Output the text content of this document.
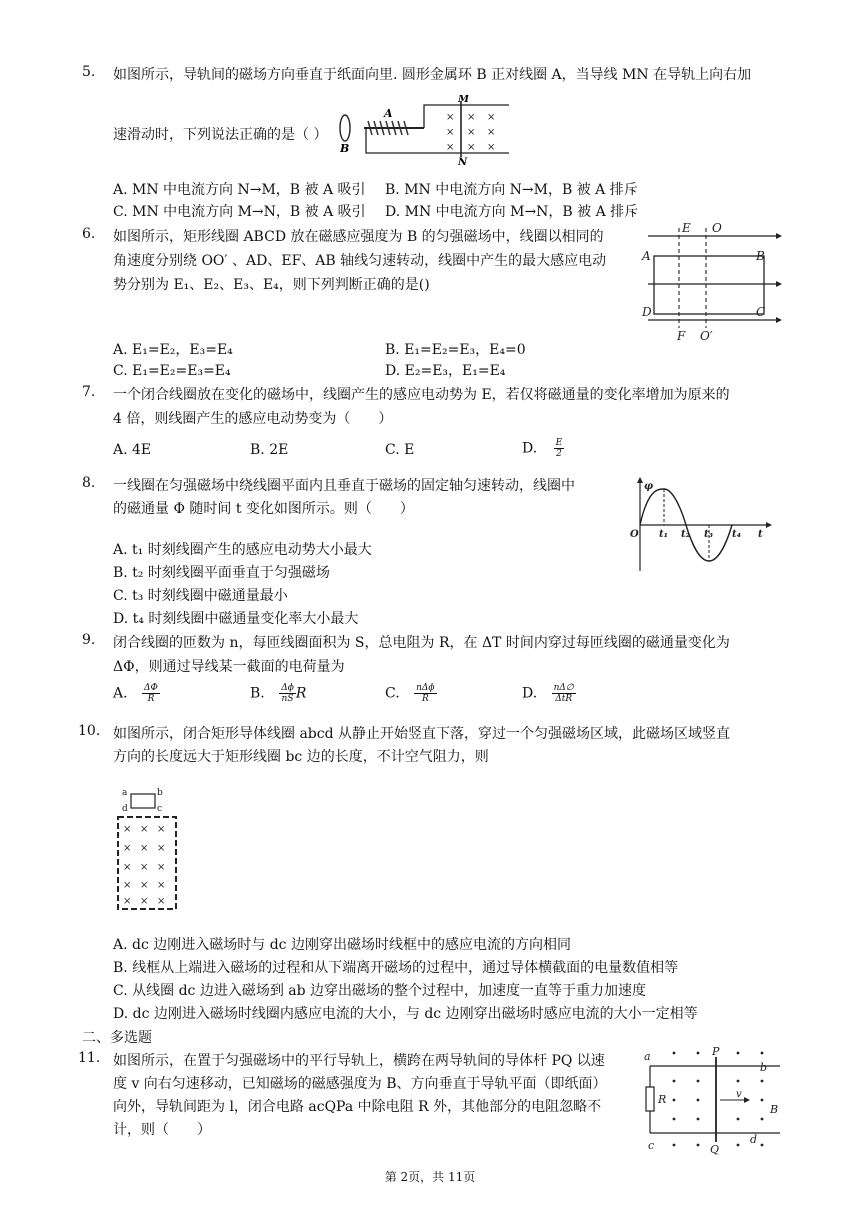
5. 如图所示，导轨间的磁场方向垂直于纸面向里. 圆形金属环 B 正对线圈 A，当导线 MN 在导轨上向右加
速滑动时，下列说法正确的是（ ）
×
×
×
×
×
×
×
×
×
A
B
M
N
A. MN 中电流方向 N→M，B 被 A 吸引 B. MN 中电流方向 N→M，B 被 A 排斥
C. MN 中电流方向 M→N，B 被 A 吸引 D. MN 中电流方向 M→N，B 被 A 排斥
6. 如图所示，矩形线圈 ABCD 放在磁感应强度为 B 的匀强磁场中，线圈以相同的
角速度分别绕 OO′ 、AD、EF、AB 轴线匀速转动，线圈中产生的最大感应电动
势分别为 E₁、E₂、E₃、E₄，则下列判断正确的是()
E O
A	B
C
D
F O′
A. E₁=E₂，E₃=E₄	B. E₁=E₂=E₃，E₄=0
C. E₁=E₂=E₃=E₄	D. E₂=E₃，E₁=E₄
7. 一个闭合线圈放在变化的磁场中，线圈产生的感应电动势为 E，若仅将磁通量的变化率增加为原来的
4 倍，则线圈产生的感应电动势变为（　　）
A. 4E	B. 2E	C. E	D. $\frac{E}{2}$
8. 一线圈在匀强磁场中绕线圈平面内且垂直于磁场的固定轴匀速转动，线圈中
的磁通量 Φ 随时间 t 变化如图所示。则（　　）
φ
O t₁ t₂ t₃ t₄ t
A. t₁ 时刻线圈产生的感应电动势大小最大
B. t₂ 时刻线圈平面垂直于匀强磁场
C. t₃ 时刻线圈中磁通量最小
D. t₄ 时刻线圈中磁通量变化率大小最大
9. 闭合线圈的匝数为 n，每匝线圈面积为 S，总电阻为 R，在 ΔT 时间内穿过每匝线圈的磁通量变化为
ΔΦ，则通过导线某一截面的电荷量为
A. $\frac{\Delta\Phi}{R}$	B. $\frac{\Delta\phi}{nS}$ R	C. $\frac{\text{nΔϕ}}{R}$	D. $\frac{n\Delta\emptyset}{\text{ΔtR}}$
10. 如图所示，闭合矩形导体线圈 abcd 从静止开始竖直下落，穿过一个匀强磁场区域，此磁场区域竖直
方向的长度远大于矩形线圈 bc 边的长度，不计空气阻力，则
a	b
c
d
× × ×
× × ×
× × ×
× × ×
× × ×
A. dc 边刚进入磁场时与 dc 边刚穿出磁场时线框中的感应电流的方向相同
B. 线框从上端进入磁场的过程和从下端离开磁场的过程中，通过导体横截面的电量数值相等
C. 从线圈 dc 边进入磁场到 ab 边穿出磁场的整个过程中，加速度一直等于重力加速度
D. dc 边刚进入磁场时线圈内感应电流的大小，与 dc 边刚穿出磁场时感应电流的大小一定相等
二、多选题
11. 如图所示，在置于匀强磁场中的平行导轨上，横跨在两导轨间的导体杆 PQ 以速
度 v 向右匀速移动，已知磁场的磁感强度为 B、方向垂直于导轨平面（即纸面）
向外，导轨间距为 l，闭合电路 acQPa 中除电阻 R 外，其他部分的电阻忽略不
计，则（　　）
a
b
c	d
P
Q
R	v
B
第 2页，共 11页
